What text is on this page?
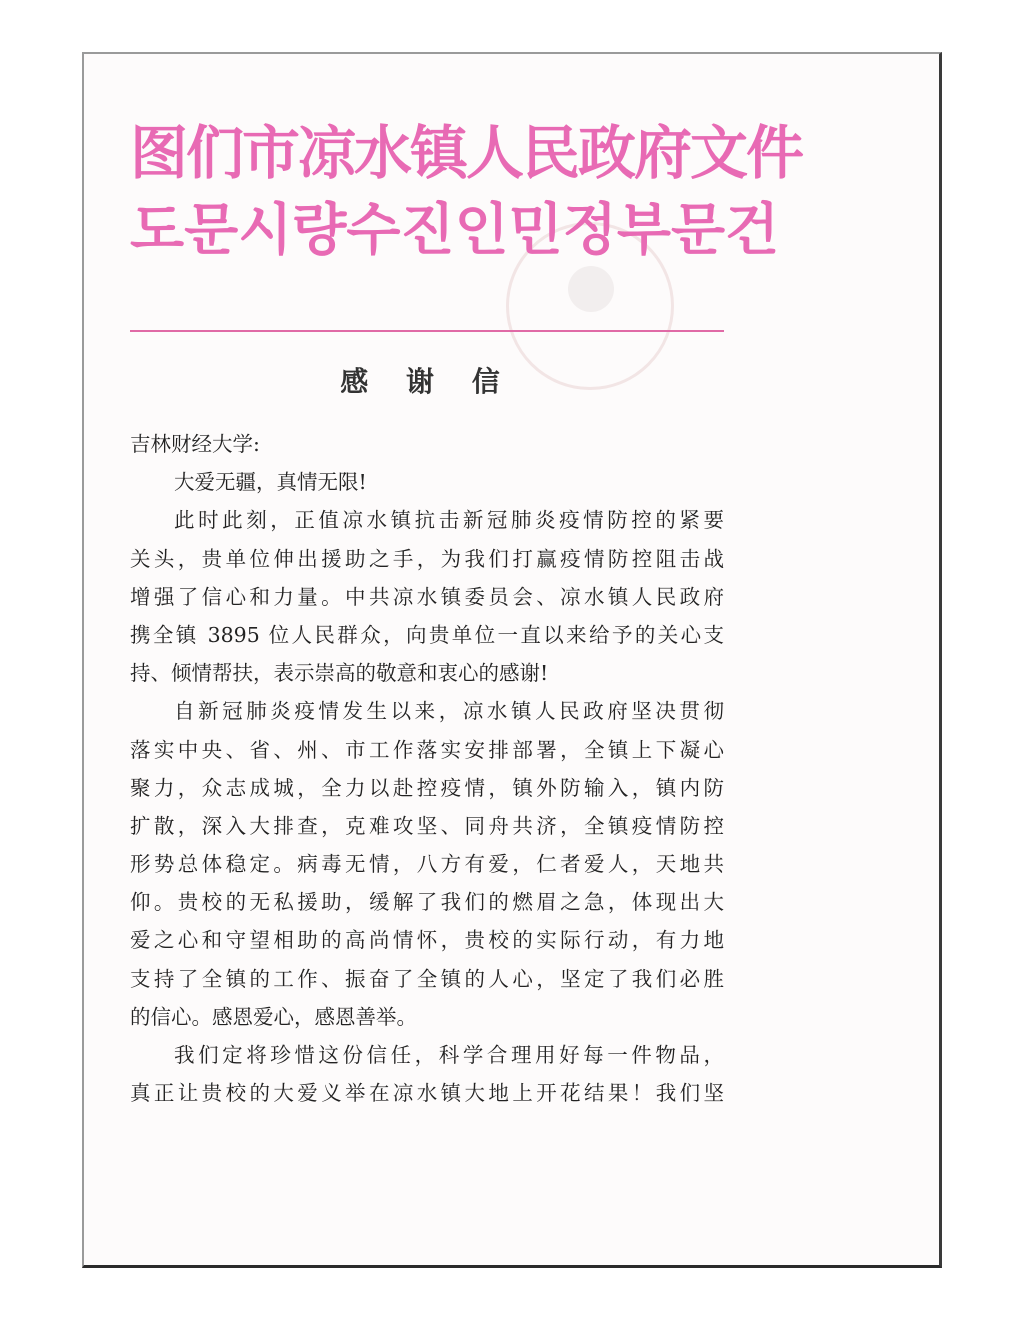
图们市凉水镇人民政府文件
도문시량수진인민정부문건
感 谢 信
吉林财经大学:
大爱无疆，真情无限!
此时此刻，正值凉水镇抗击新冠肺炎疫情防控的紧要
关头，贵单位伸出援助之手，为我们打赢疫情防控阻击战
增强了信心和力量。中共凉水镇委员会、凉水镇人民政府
携全镇 3895 位人民群众，向贵单位一直以来给予的关心支
持、倾情帮扶，表示崇高的敬意和衷心的感谢!
自新冠肺炎疫情发生以来，凉水镇人民政府坚决贯彻
落实中央、省、州、市工作落实安排部署，全镇上下凝心
聚力，众志成城，全力以赴控疫情，镇外防输入，镇内防
扩散，深入大排查，克难攻坚、同舟共济，全镇疫情防控
形势总体稳定。病毒无情，八方有爱，仁者爱人，天地共
仰。贵校的无私援助，缓解了我们的燃眉之急，体现出大
爱之心和守望相助的高尚情怀，贵校的实际行动，有力地
支持了全镇的工作、振奋了全镇的人心，坚定了我们必胜
的信心。感恩爱心，感恩善举。
我们定将珍惜这份信任，科学合理用好每一件物品，
真正让贵校的大爱义举在凉水镇大地上开花结果！我们坚
